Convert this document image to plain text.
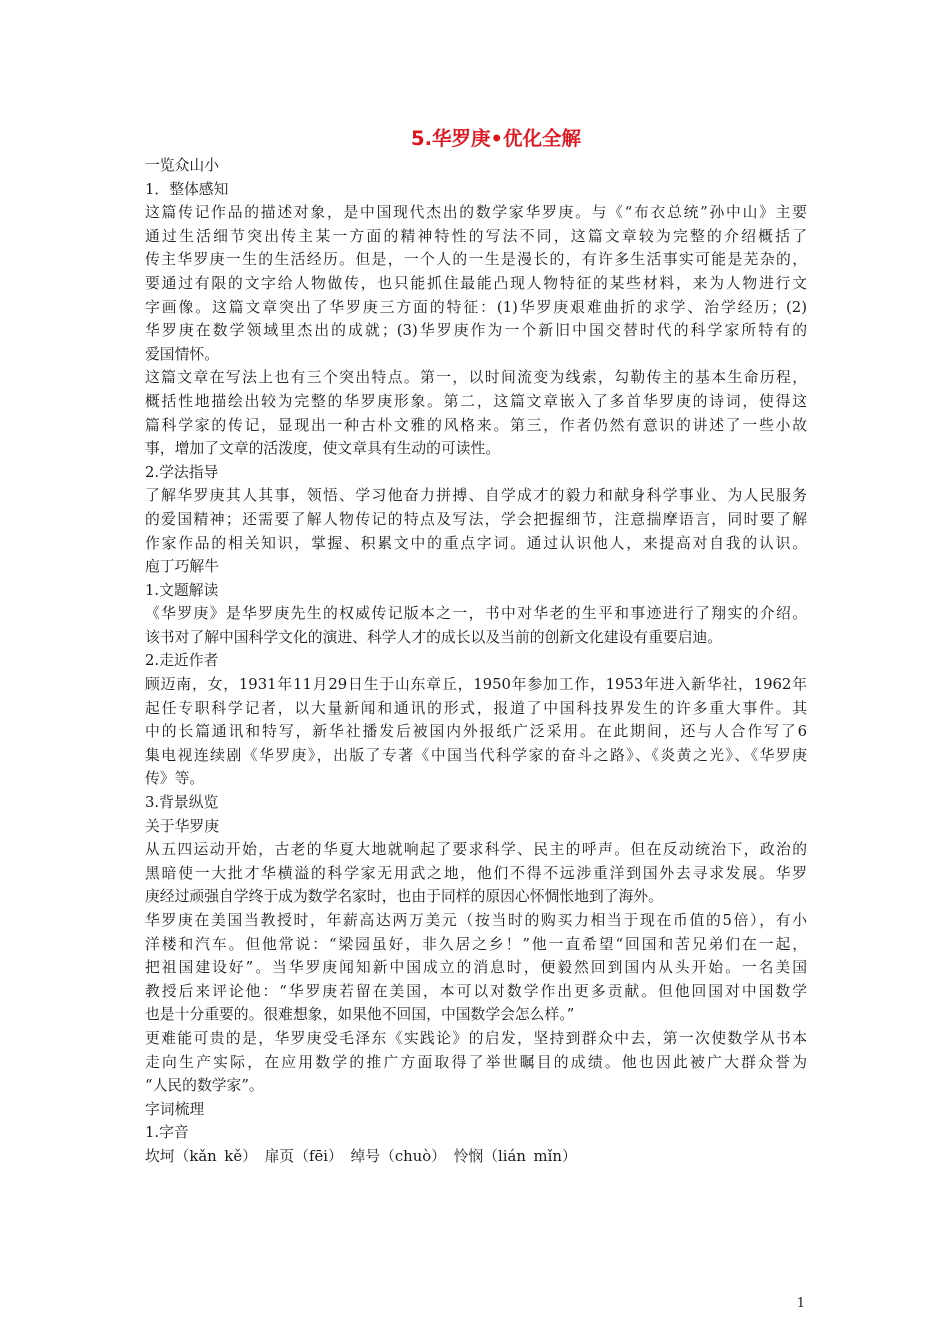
5.华罗庚•优化全解
一览众山小
1．整体感知
这篇传记作品的描述对象，是中国现代杰出的数学家华罗庚。与《“布衣总统”孙中山》主要
通过生活细节突出传主某一方面的精神特性的写法不同，这篇文章较为完整的介绍概括了
传主华罗庚一生的生活经历。但是，一个人的一生是漫长的，有许多生活事实可能是芜杂的，
要通过有限的文字给人物做传，也只能抓住最能凸现人物特征的某些材料，来为人物进行文
字画像。这篇文章突出了华罗庚三方面的特征：(1)华罗庚艰难曲折的求学、治学经历；(2)
华罗庚在数学领域里杰出的成就；(3)华罗庚作为一个新旧中国交替时代的科学家所特有的
爱国情怀。
这篇文章在写法上也有三个突出特点。第一，以时间流变为线索，勾勒传主的基本生命历程，
概括性地描绘出较为完整的华罗庚形象。第二，这篇文章嵌入了多首华罗庚的诗词，使得这
篇科学家的传记，显现出一种古朴文雅的风格来。第三，作者仍然有意识的讲述了一些小故
事，增加了文章的活泼度，使文章具有生动的可读性。
2.学法指导
了解华罗庚其人其事，领悟、学习他奋力拼搏、自学成才的毅力和献身科学事业、为人民服务
的爱国精神；还需要了解人物传记的特点及写法，学会把握细节，注意揣摩语言，同时要了解
作家作品的相关知识，掌握、积累文中的重点字词。通过认识他人，来提高对自我的认识。
庖丁巧解牛
1.文题解读
《华罗庚》是华罗庚先生的权威传记版本之一，书中对华老的生平和事迹进行了翔实的介绍。
该书对了解中国科学文化的演进、科学人才的成长以及当前的创新文化建设有重要启迪。
2.走近作者
顾迈南，女，1931年11月29日生于山东章丘，1950年参加工作，1953年进入新华社，1962年
起任专职科学记者，以大量新闻和通讯的形式，报道了中国科技界发生的许多重大事件。其
中的长篇通讯和特写，新华社播发后被国内外报纸广泛采用。在此期间，还与人合作写了6
集电视连续剧《华罗庚》，出版了专著《中国当代科学家的奋斗之路》、《炎黄之光》、《华罗庚
传》等。
3.背景纵览
关于华罗庚
从五四运动开始，古老的华夏大地就响起了要求科学、民主的呼声。但在反动统治下，政治的
黑暗使一大批才华横溢的科学家无用武之地，他们不得不远涉重洋到国外去寻求发展。华罗
庚经过顽强自学终于成为数学名家时，也由于同样的原因心怀惆怅地到了海外。
华罗庚在美国当教授时，年薪高达两万美元（按当时的购买力相当于现在币值的5倍），有小
洋楼和汽车。但他常说：“梁园虽好，非久居之乡！”他一直希望“回国和苦兄弟们在一起，
把祖国建设好”。当华罗庚闻知新中国成立的消息时，便毅然回到国内从头开始。一名美国
教授后来评论他：“华罗庚若留在美国，本可以对数学作出更多贡献。但他回国对中国数学
也是十分重要的。很难想象，如果他不回国，中国数学会怎么样。”
更难能可贵的是，华罗庚受毛泽东《实践论》的启发，坚持到群众中去，第一次使数学从书本
走向生产实际，在应用数学的推广方面取得了举世瞩目的成绩。他也因此被广大群众誉为
“人民的数学家”。
字词梳理
1.字音
坎坷（kǎn kě） 扉页（fēi） 绰号（chuò） 怜悯（lián mǐn）
1
